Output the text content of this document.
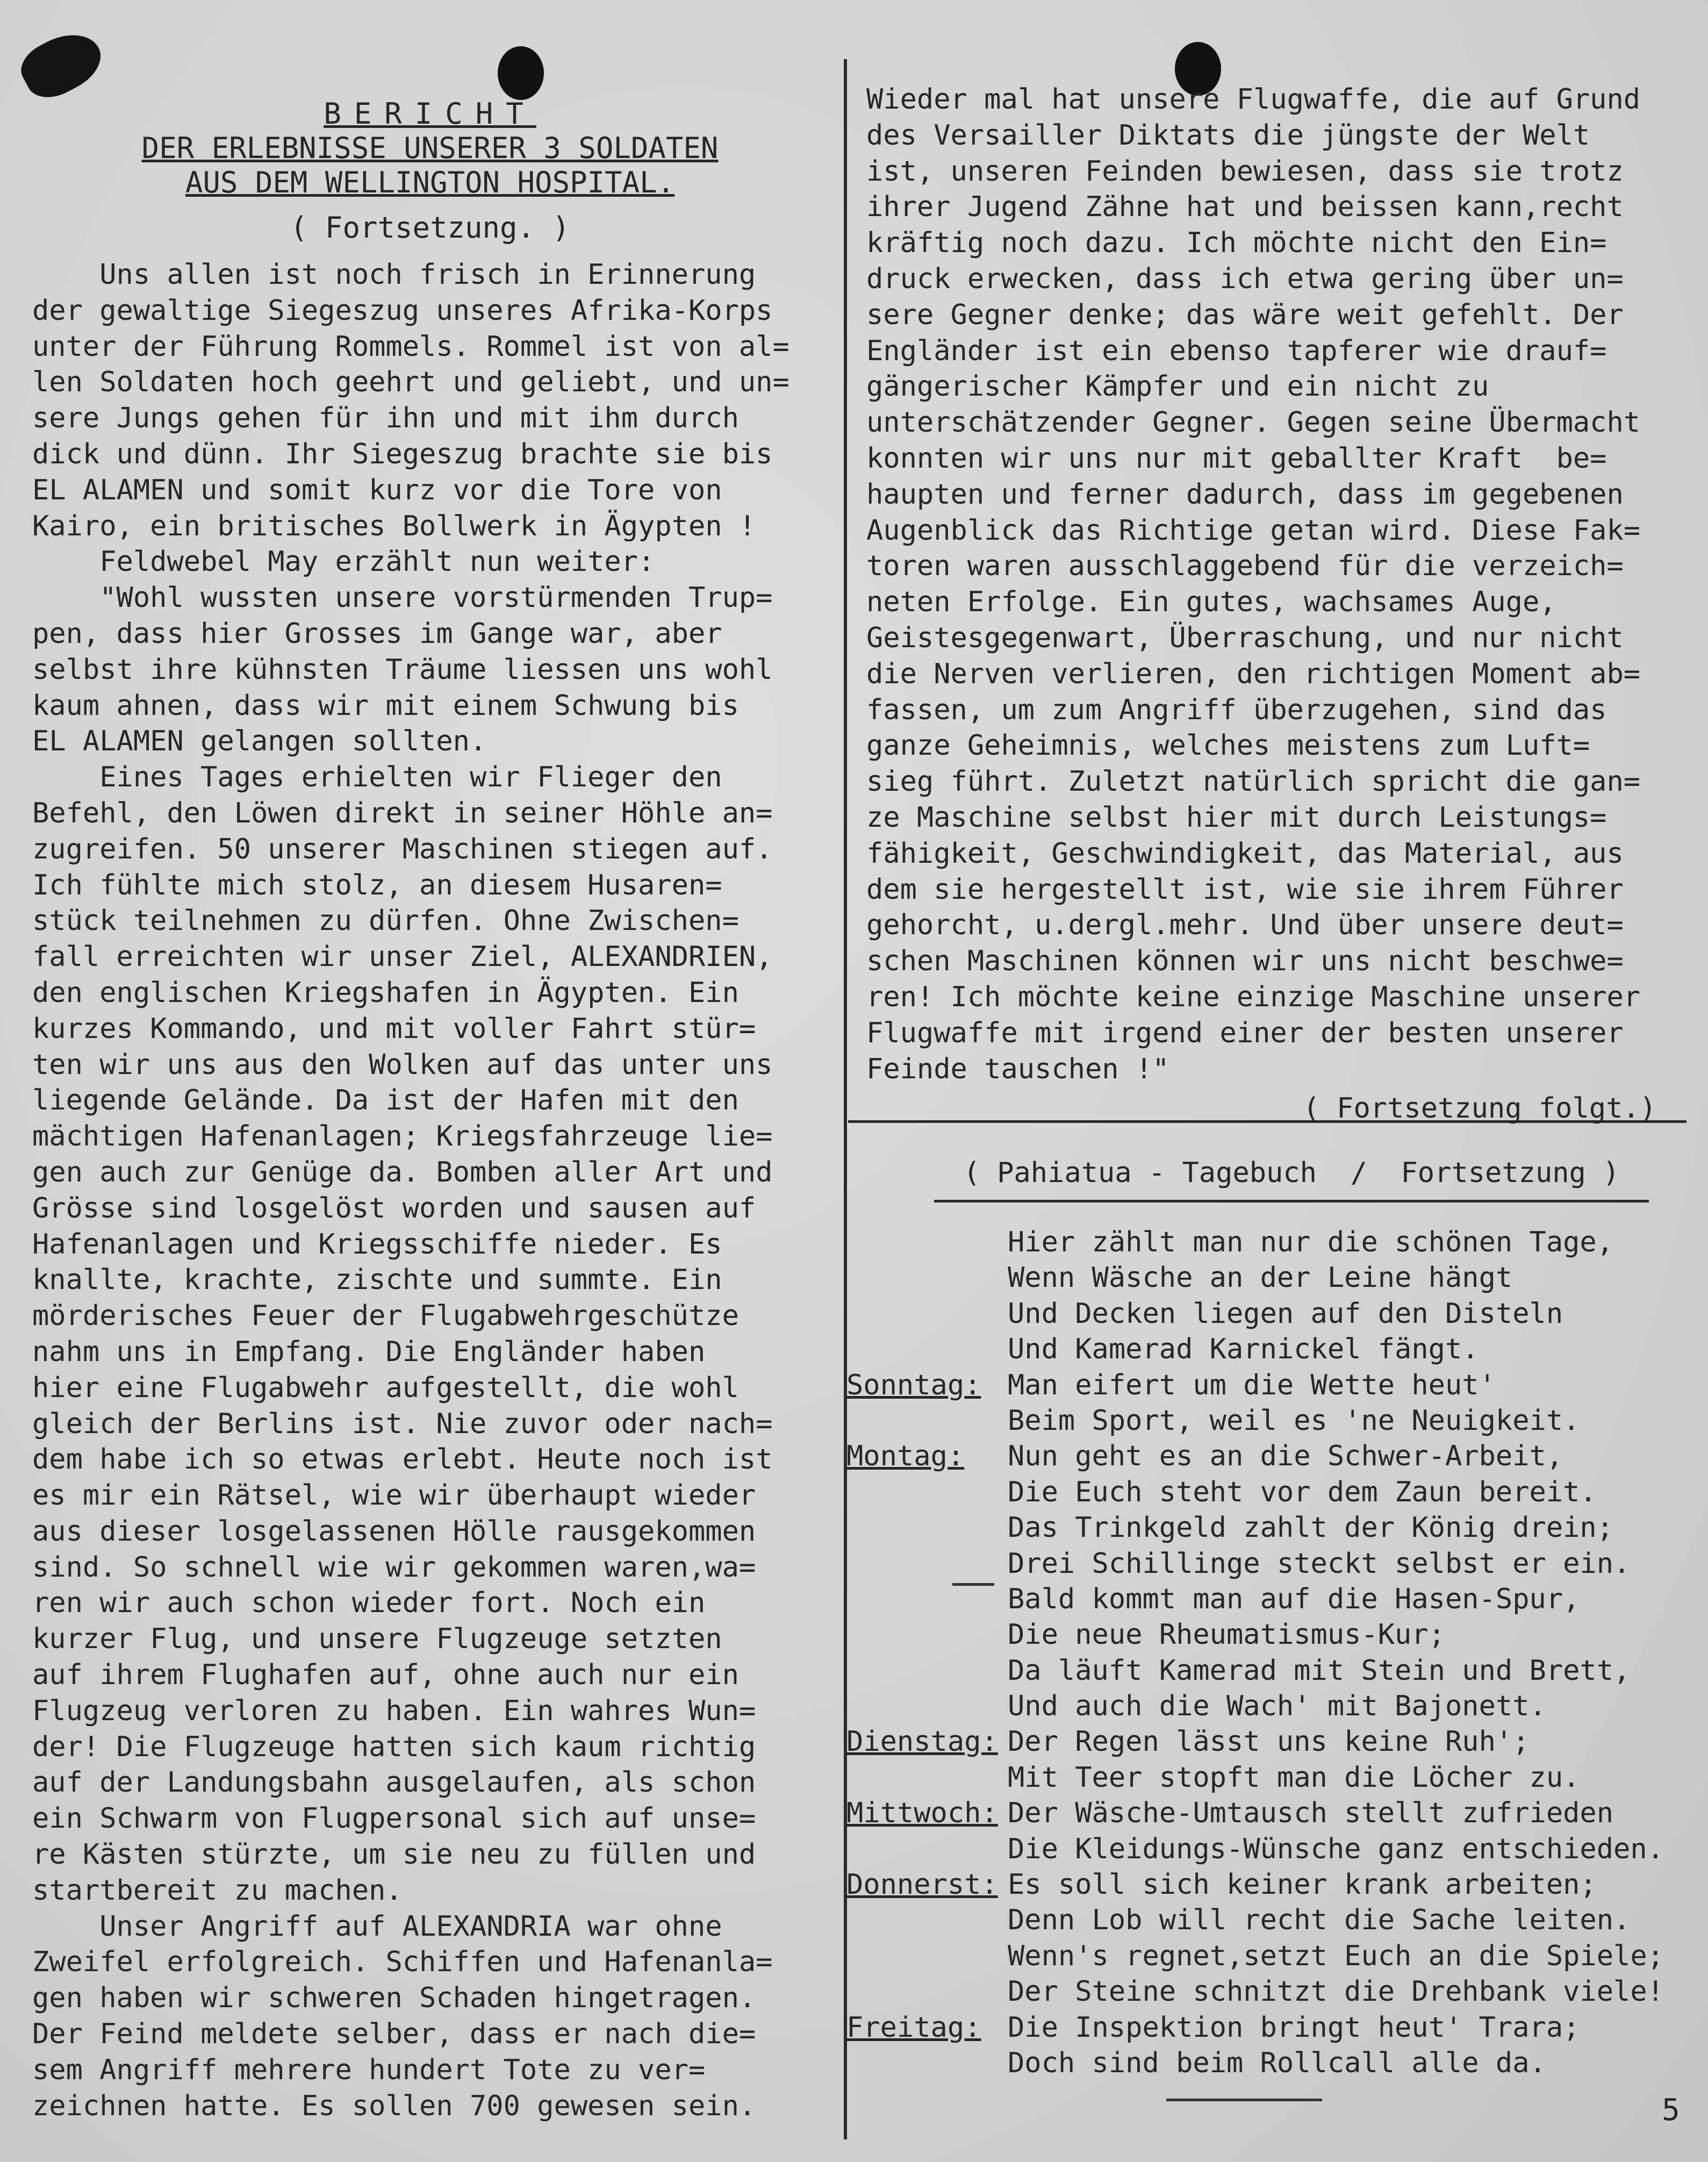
BERICHT
DER ERLEBNISSE UNSERER 3 SOLDATEN
AUS DEM WELLINGTON HOSPITAL.
( Fortsetzung. )

Uns allen ist noch frisch in Erinnerung
der gewaltige Siegeszug unseres Afrika-Korps
unter der Führung Rommels. Rommel ist von al=
len Soldaten hoch geehrt und geliebt, und un=
sere Jungs gehen für ihn und mit ihm durch
dick und dünn. Ihr Siegeszug brachte sie bis
EL ALAMEN und somit kurz vor die Tore von
Kairo, ein britisches Bollwerk in Ägypten !
Feldwebel May erzählt nun weiter:
"Wohl wussten unsere vorstürmenden Trup=
pen, dass hier Grosses im Gange war, aber
selbst ihre kühnsten Träume liessen uns wohl
kaum ahnen, dass wir mit einem Schwung bis
EL ALAMEN gelangen sollten.
Eines Tages erhielten wir Flieger den
Befehl, den Löwen direkt in seiner Höhle an=
zugreifen. 50 unserer Maschinen stiegen auf.
Ich fühlte mich stolz, an diesem Husaren=
stück teilnehmen zu dürfen. Ohne Zwischen=
fall erreichten wir unser Ziel, ALEXANDRIEN,
den englischen Kriegshafen in Ägypten. Ein
kurzes Kommando, und mit voller Fahrt stür=
ten wir uns aus den Wolken auf das unter uns
liegende Gelände. Da ist der Hafen mit den
mächtigen Hafenanlagen; Kriegsfahrzeuge lie=
gen auch zur Genüge da. Bomben aller Art und
Grösse sind losgelöst worden und sausen auf
Hafenanlagen und Kriegsschiffe nieder. Es
knallte, krachte, zischte und summte. Ein
mörderisches Feuer der Flugabwehrgeschütze
nahm uns in Empfang. Die Engländer haben
hier eine Flugabwehr aufgestellt, die wohl
gleich der Berlins ist. Nie zuvor oder nach=
dem habe ich so etwas erlebt. Heute noch ist
es mir ein Rätsel, wie wir überhaupt wieder
aus dieser losgelassenen Hölle rausgekommen
sind. So schnell wie wir gekommen waren,wa=
ren wir auch schon wieder fort. Noch ein
kurzer Flug, und unsere Flugzeuge setzten
auf ihrem Flughafen auf, ohne auch nur ein
Flugzeug verloren zu haben. Ein wahres Wun=
der! Die Flugzeuge hatten sich kaum richtig
auf der Landungsbahn ausgelaufen, als schon
ein Schwarm von Flugpersonal sich auf unse=
re Kästen stürzte, um sie neu zu füllen und
startbereit zu machen.
Unser Angriff auf ALEXANDRIA war ohne
Zweifel erfolgreich. Schiffen und Hafenanla=
gen haben wir schweren Schaden hingetragen.
Der Feind meldete selber, dass er nach die=
sem Angriff mehrere hundert Tote zu ver=
zeichnen hatte. Es sollen 700 gewesen sein.

Wieder mal hat unsere Flugwaffe, die auf Grund
des Versailler Diktats die jüngste der Welt
ist, unseren Feinden bewiesen, dass sie trotz
ihrer Jugend Zähne hat und beissen kann,recht
kräftig noch dazu. Ich möchte nicht den Ein=
druck erwecken, dass ich etwa gering über un=
sere Gegner denke; das wäre weit gefehlt. Der
Engländer ist ein ebenso tapferer wie drauf=
gängerischer Kämpfer und ein nicht zu
unterschätzender Gegner. Gegen seine Übermacht
konnten wir uns nur mit geballter Kraft  be=
haupten und ferner dadurch, dass im gegebenen
Augenblick das Richtige getan wird. Diese Fak=
toren waren ausschlaggebend für die verzeich=
neten Erfolge. Ein gutes, wachsames Auge,
Geistesgegenwart, Überraschung, und nur nicht
die Nerven verlieren, den richtigen Moment ab=
fassen, um zum Angriff überzugehen, sind das
ganze Geheimnis, welches meistens zum Luft=
sieg führt. Zuletzt natürlich spricht die gan=
ze Maschine selbst hier mit durch Leistungs=
fähigkeit, Geschwindigkeit, das Material, aus
dem sie hergestellt ist, wie sie ihrem Führer
gehorcht, u.dergl.mehr. Und über unsere deut=
schen Maschinen können wir uns nicht beschwe=
ren! Ich möchte keine einzige Maschine unserer
Flugwaffe mit irgend einer der besten unserer
Feinde tauschen !"

( Fortsetzung folgt.)
( Pahiatua - Tagebuch  /  Fortsetzung )
Hier zählt man nur die schönen Tage,
Wenn Wäsche an der Leine hängt
Und Decken liegen auf den Disteln
Und Kamerad Karnickel fängt.
Sonntag: Man eifert um die Wette heut'
Beim Sport, weil es 'ne Neuigkeit.
Montag: Nun geht es an die Schwer-Arbeit,
Die Euch steht vor dem Zaun bereit.
Das Trinkgeld zahlt der König drein;
Drei Schillinge steckt selbst er ein.
Bald kommt man auf die Hasen-Spur,
Die neue Rheumatismus-Kur;
Da läuft Kamerad mit Stein und Brett,
Und auch die Wach' mit Bajonett.
Dienstag: Der Regen lässt uns keine Ruh';
Mit Teer stopft man die Löcher zu.
Mittwoch: Der Wäsche-Umtausch stellt zufrieden
Die Kleidungs-Wünsche ganz entschieden.
Donnerst: Es soll sich keiner krank arbeiten;
Denn Lob will recht die Sache leiten.
Wenn's regnet,setzt Euch an die Spiele;
Der Steine schnitzt die Drehbank viele!
Freitag: Die Inspektion bringt heut' Trara;
Doch sind beim Rollcall alle da.
5
